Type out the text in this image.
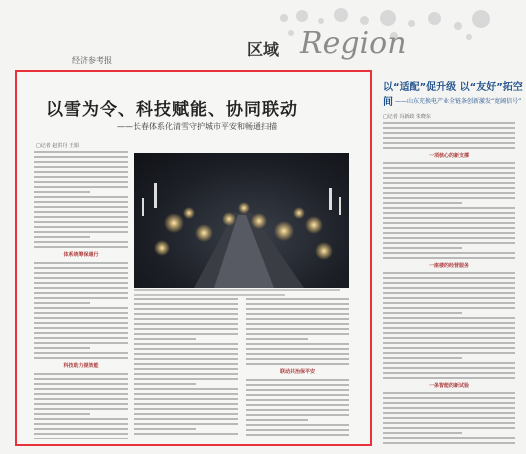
经济参考报
区域 Region
以雪为令、科技赋能、协同联动
——长春体系化清雪守护城市平安和畅通扫描
□记者 赵洪丹 王娟
体系统筹保通行
科技助力提效能
联动共治保平安
以“适配”促升级 以“友好”拓空间 ——山东充换电产业全链条创新激发“宽阔信号”
□记者 冯新政 朱晓东
一项核心的新支撑
一座楼的经营服务
一条智能的新试验
